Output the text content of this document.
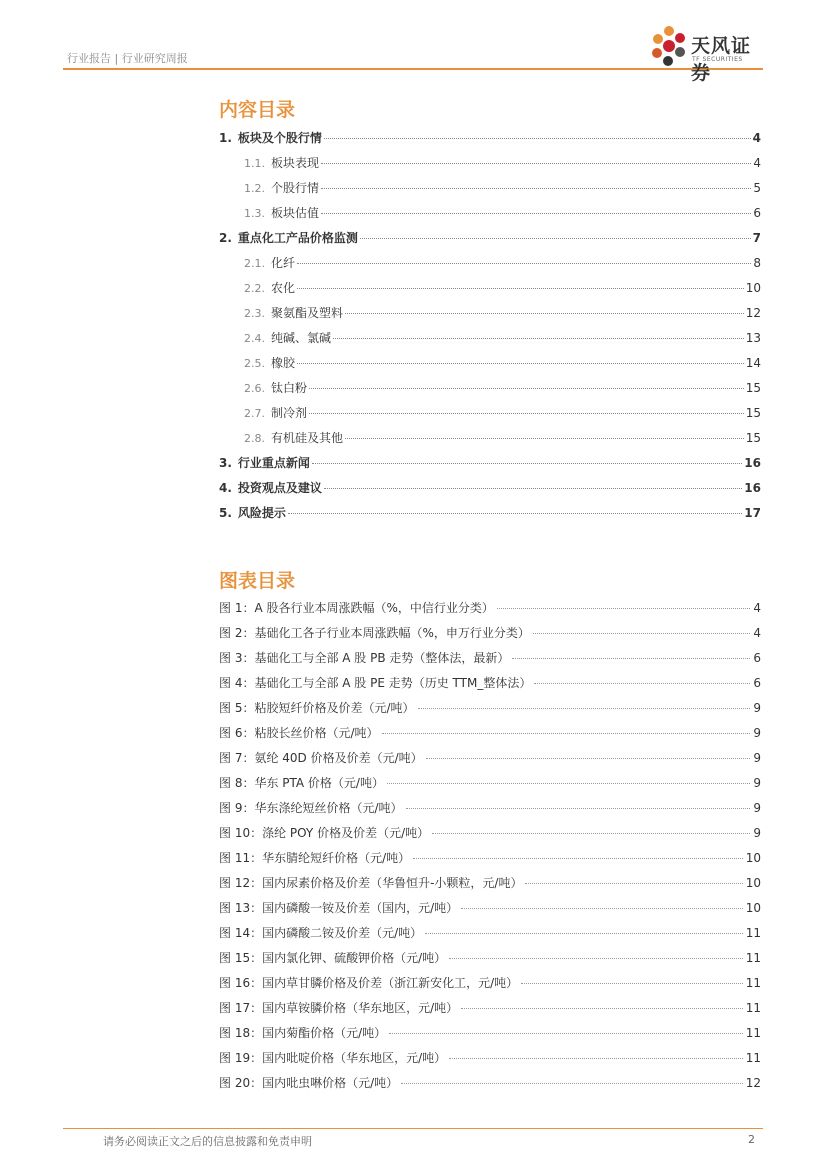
行业报告 | 行业研究周报
天风证券
TF SECURITIES
内容目录
1. 板块及个股行情	4
1.1. 板块表现	4
1.2. 个股行情	5
1.3. 板块估值	6
2. 重点化工产品价格监测	7
2.1. 化纤	8
2.2. 农化	10
2.3. 聚氨酯及塑料	12
2.4. 纯碱、氯碱	13
2.5. 橡胶	14
2.6. 钛白粉	15
2.7. 制冷剂	15
2.8. 有机硅及其他	15
3. 行业重点新闻	16
4. 投资观点及建议	16
5. 风险提示	17
图表目录
图 1：A 股各行业本周涨跌幅（%，中信行业分类）	4
图 2：基础化工各子行业本周涨跌幅（%，申万行业分类）	4
图 3：基础化工与全部 A 股 PB 走势（整体法，最新）	6
图 4：基础化工与全部 A 股 PE 走势（历史 TTM_整体法）	6
图 5：粘胶短纤价格及价差（元/吨）	9
图 6：粘胶长丝价格（元/吨）	9
图 7：氨纶 40D 价格及价差（元/吨）	9
图 8：华东 PTA 价格（元/吨）	9
图 9：华东涤纶短丝价格（元/吨）	9
图 10：涤纶 POY 价格及价差（元/吨）	9
图 11：华东腈纶短纤价格（元/吨）	10
图 12：国内尿素价格及价差（华鲁恒升-小颗粒，元/吨）	10
图 13：国内磷酸一铵及价差（国内，元/吨）	10
图 14：国内磷酸二铵及价差（元/吨）	11
图 15：国内氯化钾、硫酸钾价格（元/吨）	11
图 16：国内草甘膦价格及价差（浙江新安化工，元/吨）	11
图 17：国内草铵膦价格（华东地区，元/吨）	11
图 18：国内菊酯价格（元/吨）	11
图 19：国内吡啶价格（华东地区，元/吨）	11
图 20：国内吡虫啉价格（元/吨）	12
请务必阅读正文之后的信息披露和免责申明	2
